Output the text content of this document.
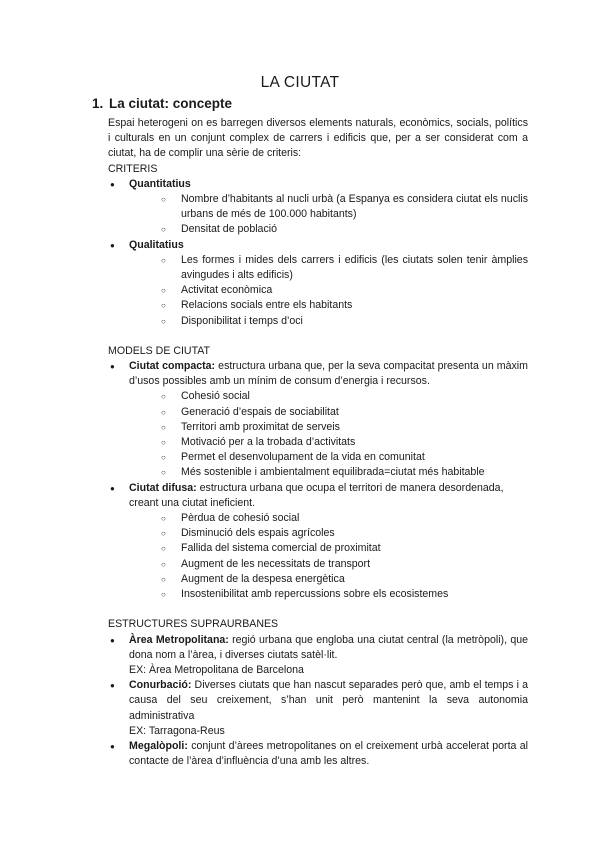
LA CIUTAT
1. La ciutat: concepte

Espai heterogeni on es barregen diversos elements naturals, econòmics, socials, polítics i culturals en un conjunt complex de carrers i edificis que, per a ser considerat com a ciutat, ha de complir una sèrie de criteris:

CRITERIS

● Quantitatius
○ Nombre d’habitants al nucli urbà (a Espanya es considera ciutat els nuclis urbans de més de 100.000 habitants)
○ Densitat de població
● Qualitatius
○ Les formes i mides dels carrers i edificis (les ciutats solen tenir àmplies avingudes i alts edificis)
○ Activitat econòmica
○ Relacions socials entre els habitants
○ Disponibilitat i temps d’oci

MODELS DE CIUTAT

● Ciutat compacta: estructura urbana que, per la seva compacitat presenta un màxim d’usos possibles amb un mínim de consum d’energia i recursos.
○ Cohesió social
○ Generació d’espais de sociabilitat
○ Territori amb proximitat de serveis
○ Motivació per a la trobada d’activitats
○ Permet el desenvolupament de la vida en comunitat
○ Més sostenible i ambientalment equilibrada=ciutat més habitable
● Ciutat difusa: estructura urbana que ocupa el territori de manera desordenada, creant una ciutat ineficient.
○ Pèrdua de cohesió social
○ Disminució dels espais agrícoles
○ Fallida del sistema comercial de proximitat
○ Augment de les necessitats de transport
○ Augment de la despesa energètica
○ Insostenibilitat amb repercussions sobre els ecosistemes

ESTRUCTURES SUPRAURBANES

● Àrea Metropolitana: regió urbana que engloba una ciutat central (la metròpoli), que dona nom a l’àrea, i diverses ciutats satèl·lit.

EX: Àrea Metropolitana de Barcelona

● Conurbació: Diverses ciutats que han nascut separades però que, amb el temps i a causa del seu creixement, s’han unit però mantenint la seva autonomia administrativa

EX: Tarragona-Reus

● Megalòpoli: conjunt d’àrees metropolitanes on el creixement urbà accelerat porta al contacte de l’àrea d’influència d’una amb les altres.
